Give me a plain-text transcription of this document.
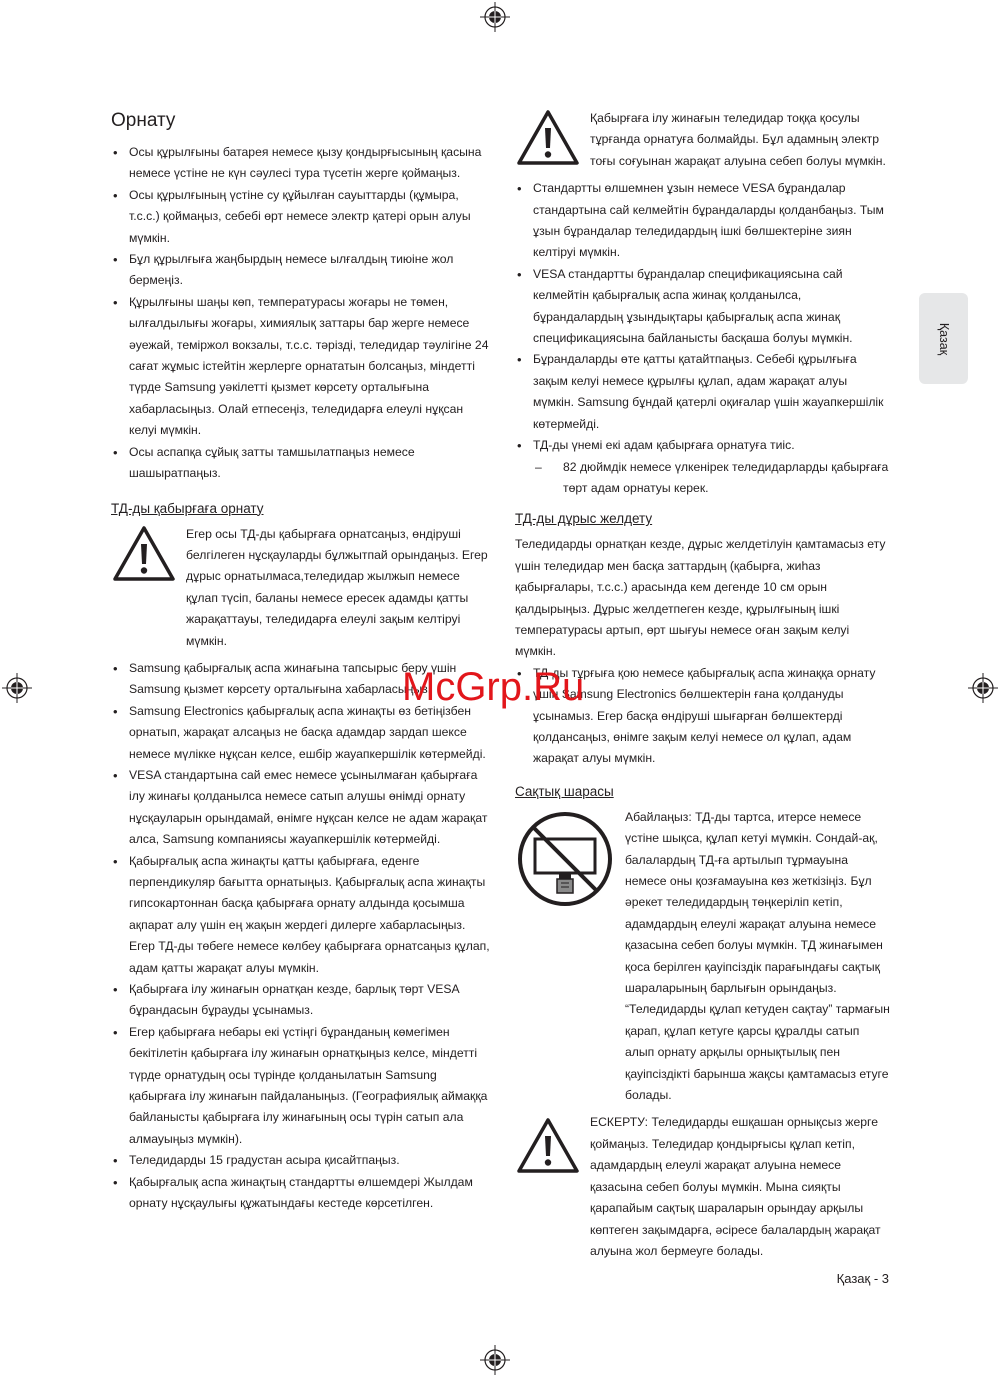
Қазақ
Орнату
• Осы құрылғыны батарея немесе қызу қондырғысының қасына немесе үстіне не күн сәулесі тура түсетін жерге қоймаңыз.
• Осы құрылғының үстіне су құйылған сауыттарды (құмыра, т.с.с.) қоймаңыз, себебі өрт немесе электр қатері орын алуы мүмкін.
• Бұл құрылғыға жаңбырдың немесе ылғалдың тиюіне жол бермеңіз.
• Құрылғыны шаңы көп, температурасы жоғары не төмен, ылғалдылығы жоғары, химиялық заттары бар жерге немесе әуежай, теміржол вокзалы, т.с.с. тәрізді, теледидар тәулігіне 24 сағат жұмыс істейтін жерлерге орнататын болсаңыз, міндетті түрде Samsung уәкілетті қызмет көрсету орталығына хабарласыңыз. Олай етпесеңіз, теледидарға елеулі нұқсан келуі мүмкін.
• Осы аспапқа сұйық затты тамшылатпаңыз немесе шашыратпаңыз.
ТД-ды қабырғаға орнату
Егер осы ТД-ды қабырғаға орнатсаңыз, өндіруші белгілеген нұсқауларды бұлжытпай орындаңыз. Егер дұрыс орнатылмаса,теледидар жылжып немесе құлап түсіп, баланы немесе ересек адамды қатты жарақаттауы, теледидарға елеулі зақым келтіруі мүмкін.
• Samsung қабырғалық аспа жинағына тапсырыс беру үшін Samsung қызмет көрсету орталығына хабарласыңыз.
• Samsung Electronics қабырғалық аспа жинақты өз бетіңізбен орнатып, жарақат алсаңыз не басқа адамдар зардап шексе немесе мүлікке нұқсан келсе, ешбір жауапкершілік көтермейді.
• VESA стандартына сай емес немесе ұсынылмаған қабырғаға ілу жинағы қолданылса немесе сатып алушы өнімді орнату нұсқауларын орындамай, өнімге нұқсан келсе не адам жарақат алса, Samsung компаниясы жауапкершілік көтермейді.
• Қабырғалық аспа жинақты қатты қабырғаға, еденге перпендикуляр бағытта орнатыңыз. Қабырғалық аспа жинақты гипсокартоннан басқа қабырғаға орнату алдында қосымша ақпарат алу үшін ең жақын жердегі дилерге хабарласыңыз. Егер ТД-ды төбеге немесе көлбеу қабырғаға орнатсаңыз құлап, адам қатты жарақат алуы мүмкін.
• Қабырғаға ілу жинағын орнатқан кезде, барлық төрт VESA бұрандасын бұрауды ұсынамыз.
• Егер қабырғаға небары екі үстіңгі бұранданың көмегімен бекітілетін қабырғаға ілу жинағын орнатқыңыз келсе, міндетті түрде орнатудың осы түрінде қолданылатын Samsung қабырғаға ілу жинағын пайдаланыңыз. (Географиялық аймаққа байланысты қабырғаға ілу жинағының осы түрін сатып ала алмауыңыз мүмкін).
• Теледидарды 15 градустан асыра қисайтпаңыз.
• Қабырғалық аспа жинақтың стандартты өлшемдері Жылдам орнату нұсқаулығы құжатындағы кестеде көрсетілген.
Қабырғаға ілу жинағын теледидар тоққа қосулы тұрғанда орнатуға болмайды. Бұл адамның электр тоғы соғуынан жарақат алуына себеп болуы мүмкін.
• Стандартты өлшемнен ұзын немесе VESA бұрандалар стандартына сай келмейтін бұрандаларды қолданбаңыз. Тым ұзын бұрандалар теледидардың ішкі бөлшектеріне зиян келтіруі мүмкін.
• VESA стандартты бұрандалар спецификациясына сай келмейтін қабырғалық аспа жинақ қолданылса, бұрандалардың ұзындықтары қабырғалық аспа жинақ спецификациясына байланысты басқаша болуы мүмкін.
• Бұрандаларды өте қатты қатайтпаңыз. Себебі құрылғыға зақым келуі немесе құрылғы құлап, адам жарақат алуы мүмкін. Samsung бұндай қатерлі оқиғалар үшін жауапкершілік көтермейді.
• ТД-ды үнемі екі адам қабырғаға орнатуға тиіс.
– 82 дюймдік немесе үлкенірек теледидарларды қабырғаға төрт адам орнатуы керек.
ТД-ды дұрыс желдету

Теледидарды орнатқан кезде, дұрыс желдетілуін қамтамасыз ету үшін теледидар мен басқа заттардың (қабырға, жиһаз қабырғалары, т.с.с.) арасында кем дегенде 10 см орын қалдырыңыз. Дұрыс желдетпеген кезде, құрылғының ішкі температурасы артып, өрт шығуы немесе оған зақым келуі мүмкін.

• ТД-ды тұрғыға қою немесе қабырғалық аспа жинаққа орнату үшін Samsung Electronics бөлшектерін ғана қолдануды ұсынамыз. Егер басқа өндіруші шығарған бөлшектерді қолдансаңыз, өнімге зақым келуі немесе ол құлап, адам жарақат алуы мүмкін.
Сақтық шарасы
Абайлаңыз: ТД-ды тартса, итерсе немесе үстіне шықса, құлап кетуі мүмкін. Сондай-ақ, балалардың ТД-ға артылып тұрмауына немесе оны қозғамауына көз жеткізіңіз. Бұл әрекет теледидардың төңкеріліп кетіп, адамдардың елеулі жарақат алуына немесе қазасына себеп болуы мүмкін. ТД жинағымен қоса берілген қауіпсіздік парағындағы сақтық шараларының барлығын орындаңыз. “Теледидарды құлап кетуден сақтау” тармағын қарап, құлап кетуге қарсы құралды сатып алып орнату арқылы орнықтылық пен қауіпсіздікті барынша жақсы қамтамасыз етуге болады.
ЕСКЕРТУ: Теледидарды ешқашан орнықсыз жерге қоймаңыз. Теледидар қондырғысы құлап кетіп, адамдардың елеулі жарақат алуына немесе қазасына себеп болуы мүмкін. Мына сияқты қарапайым сақтық шараларын орындау арқылы көптеген зақымдарға, әсіресе балалардың жарақат алуына жол бермеуге болады.
McGrp.Ru
Қазақ - 3
